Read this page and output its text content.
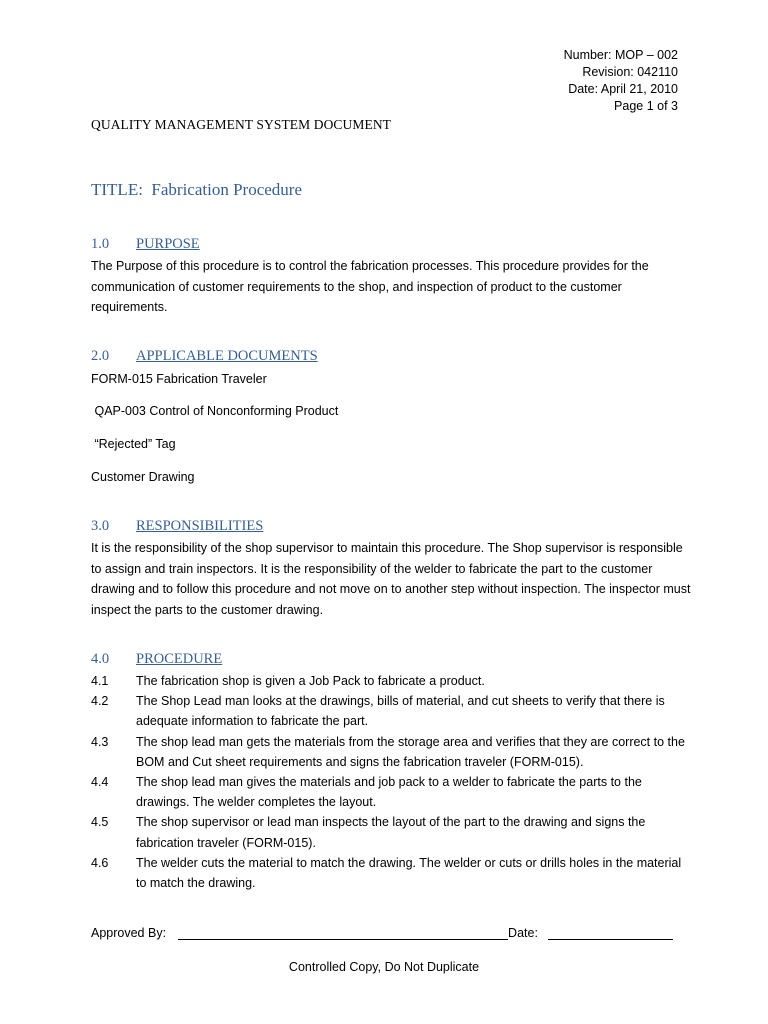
Number: MOP – 002
Revision: 042110
Date: April 21, 2010
Page 1 of 3
QUALITY MANAGEMENT SYSTEM DOCUMENT
TITLE:  Fabrication Procedure
1.0 PURPOSE
The Purpose of this procedure is to control the fabrication processes. This procedure provides for the communication of customer requirements to the shop, and inspection of product to the customer requirements.
2.0 APPLICABLE DOCUMENTS
FORM-015 Fabrication Traveler
QAP-003 Control of Nonconforming Product
“Rejected” Tag
Customer Drawing
3.0 RESPONSIBILITIES
It is the responsibility of the shop supervisor to maintain this procedure. The Shop supervisor is responsible to assign and train inspectors. It is the responsibility of the welder to fabricate the part to the customer drawing and to follow this procedure and not move on to another step without inspection. The inspector must inspect the parts to the customer drawing.
4.0 PROCEDURE
4.1	The fabrication shop is given a Job Pack to fabricate a product.
4.2	The Shop Lead man looks at the drawings, bills of material, and cut sheets to verify that there is adequate information to fabricate the part.
4.3	The shop lead man gets the materials from the storage area and verifies that they are correct to the BOM and Cut sheet requirements and signs the fabrication traveler (FORM-015).
4.4	The shop lead man gives the materials and job pack to a welder to fabricate the parts to the drawings. The welder completes the layout.
4.5	The shop supervisor or lead man inspects the layout of the part to the drawing and signs the fabrication traveler (FORM-015).
4.6	The welder cuts the material to match the drawing. The welder or cuts or drills holes in the material to match the drawing.
Approved By:	Date:
Controlled Copy, Do Not Duplicate
